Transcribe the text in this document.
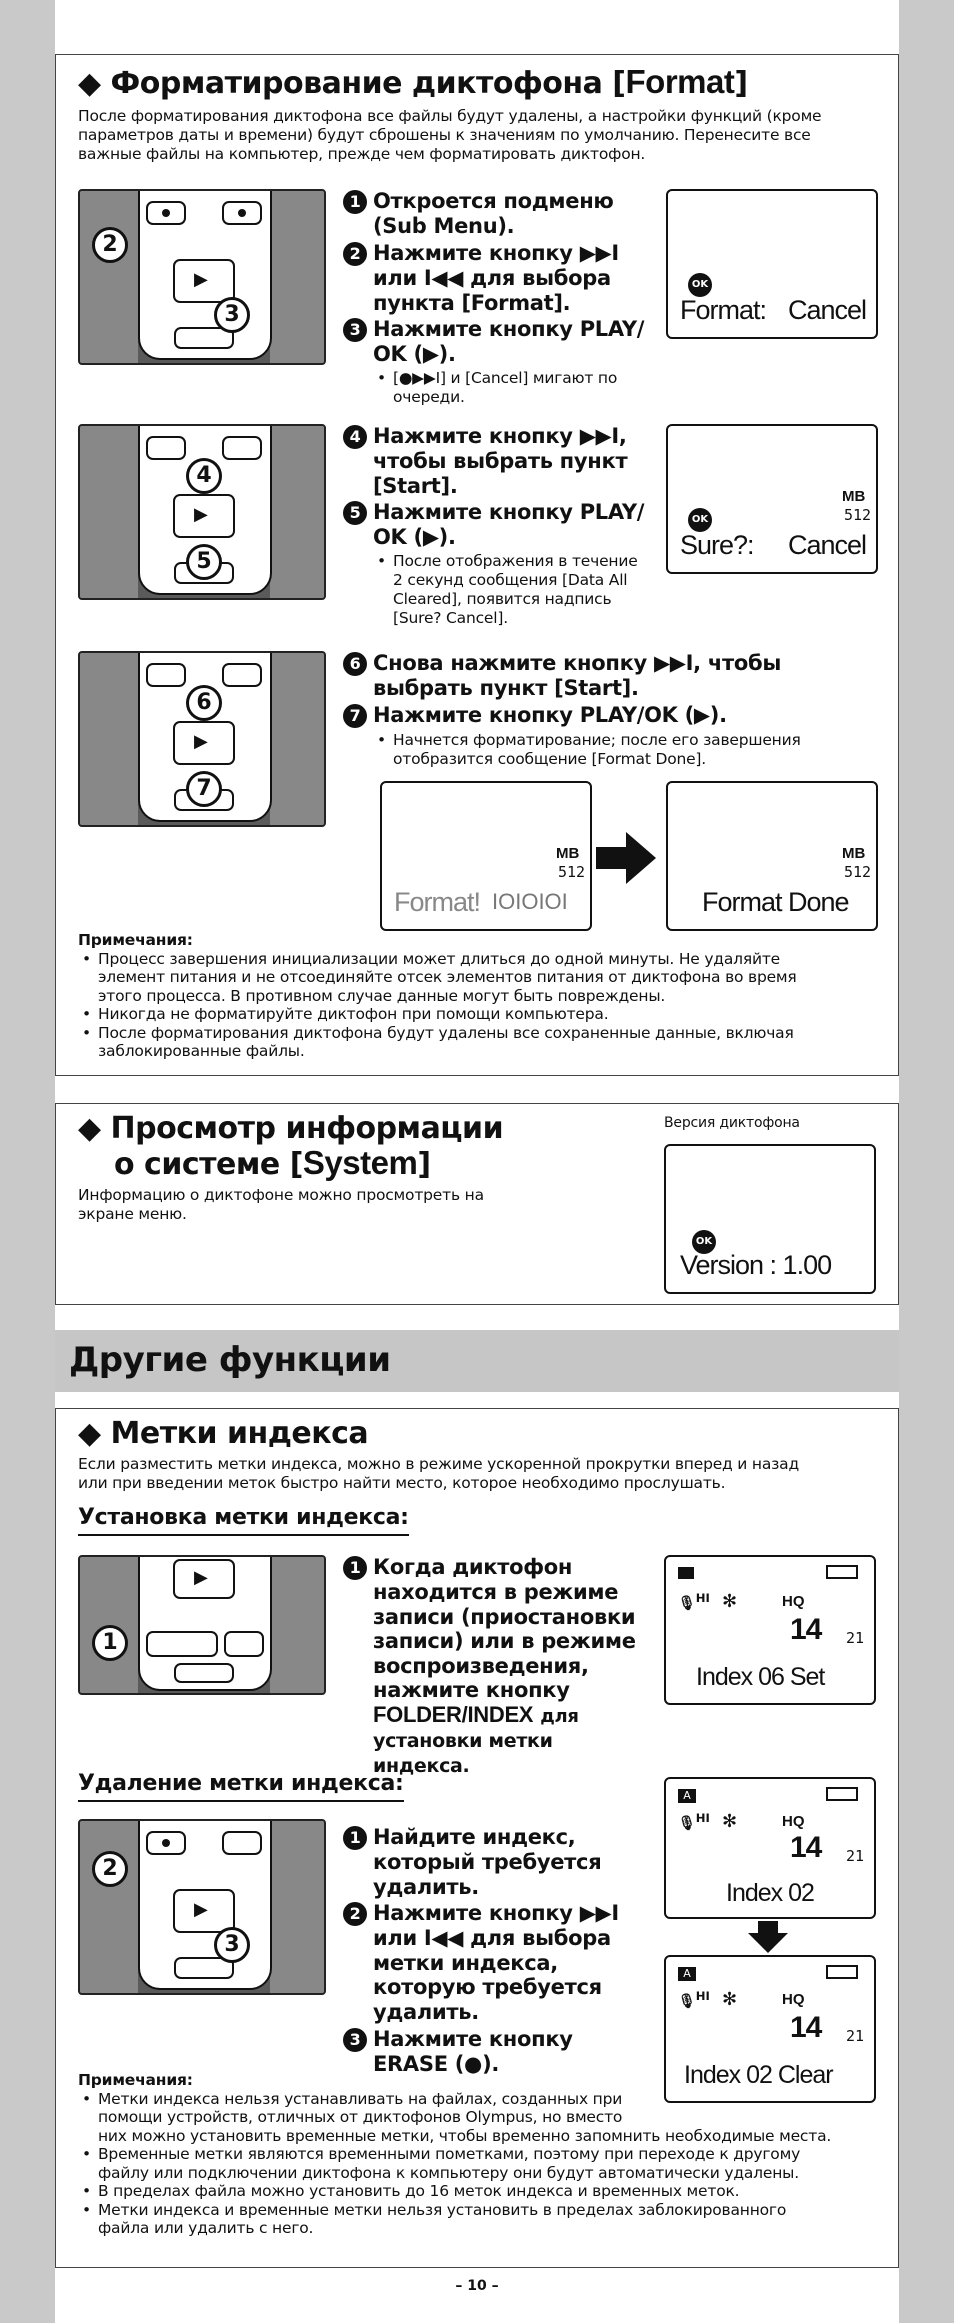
◆ Форматирование диктофона [Format]
После форматирования диктофона все файлы будут удалены, а настройки функций (кроме
параметров даты и времени) будут сброшены к значениям по умолчанию. Перенесите все
важные файлы на компьютер, прежде чем форматировать диктофон.
▶
2
3
1 Откроется подменю
(Sub Menu).
2 Нажмите кнопку ▶▶I
или I◀◀ для выбора
пункта [Format].
3 Нажмите кнопку PLAY/
OK (▶).
• [●▶▶I] и [Cancel] мигают по
очереди.
OK
Format: Cancel
▶
4
5
4 Нажмите кнопку ▶▶I,
чтобы выбрать пункт
[Start].
5 Нажмите кнопку PLAY/
OK (▶).
• После отображения в течение
2 секунд сообщения [Data All
Cleared], появится надпись
[Sure? Cancel].
MB
512
OK
Sure?: Cancel
▶
6
7
6 Снова нажмите кнопку ▶▶I, чтобы
выбрать пункт [Start].
7 Нажмите кнопку PLAY/OK (▶).
• Начнется форматирование; после его завершения
отобразится сообщение [Format Done].
MB
512
Format! IOIOIOI
MB
512
Format Done
Примечания:
• Процесс завершения инициализации может длиться до одной минуты. Не удаляйте
элемент питания и не отсоединяйте отсек элементов питания от диктофона во время
этого процесса. В противном случае данные могут быть повреждены.
• Никогда не форматируйте диктофон при помощи компьютера.
• После форматирования диктофона будут удалены все сохраненные данные, включая
заблокированные файлы.
◆ Просмотр информации
о системе [System]
Информацию о диктофоне можно просмотреть на
экране меню.
Версия диктофона
OK
Version : 1.00
Другие функции
◆ Метки индекса
Если разместить метки индекса, можно в режиме ускоренной прокрутки вперед и назад
или при введении меток быстро найти место, которое необходимо прослушать.
Установка метки индекса:
▶
1
1 Когда диктофон
находится в режиме
записи (приостановки
записи) или в режиме
воспроизведения,
нажмите кнопку
FOLDER/INDEX для
установки метки индекса.
🎙$^{HI}$ ✻	HQ
14 21
Index 06 Set
Удаление метки индекса:
▶
2
3
1 Найдите индекс,
который требуется
удалить.
2 Нажмите кнопку ▶▶I
или I◀◀ для выбора
метки индекса,
которую требуется
удалить.
3 Нажмите кнопку
ERASE (●).
A
🎙$^{HI}$ ✻	HQ
14 21
Index 02
A
🎙$^{HI}$ ✻	HQ
14 21
Index 02 Clear
Примечания:
• Метки индекса нельзя устанавливать на файлах, созданных при
помощи устройств, отличных от диктофонов Olympus, но вместо
них можно установить временные метки, чтобы временно запомнить необходимые места.
• Временные метки являются временными пометками, поэтому при переходе к другому
файлу или подключении диктофона к компьютеру они будут автоматически удалены.
• В пределах файла можно установить до 16 меток индекса и временных меток.
• Метки индекса и временные метки нельзя установить в пределах заблокированного
файла или удалить с него.
– 10 –
